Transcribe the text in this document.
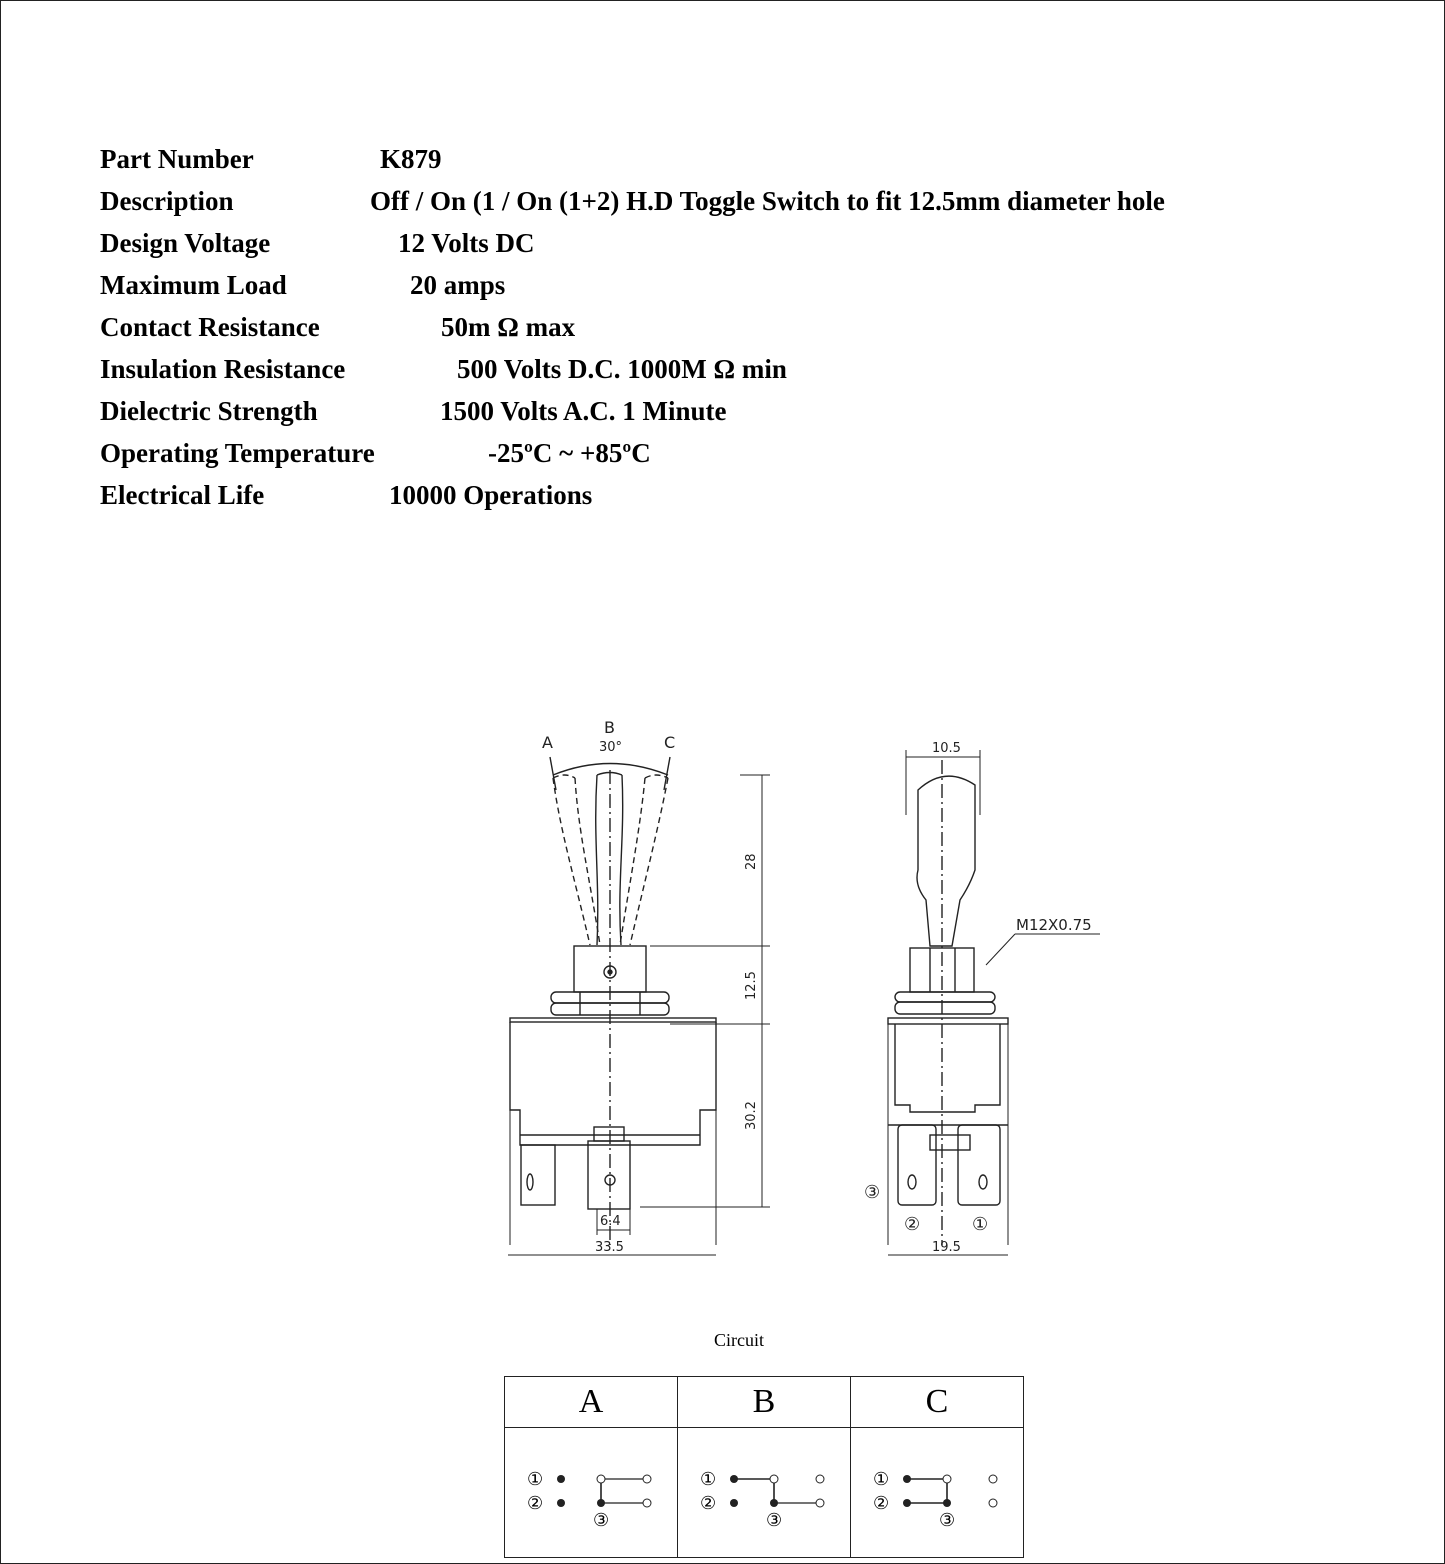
Part Number	K879
Description	Off / On (1 / On (1+2) H.D Toggle Switch to fit 12.5mm diameter hole
Design Voltage	12 Volts DC
Maximum Load	20 amps
Contact Resistance	50m Ω max
Insulation Resistance	500 Volts D.C. 1000M Ω min
Dielectric Strength	1500 Volts A.C. 1 Minute
Operating Temperature	-25ºC ~ +85ºC
Electrical Life	10000 Operations
A
B
C
30°
28
12.5
30.2
6.4
33.5
10.5
M12X0.75
19.5
③
②	①
Circuit
A	B	C

①
②
③	①
②
③	①
②
③
